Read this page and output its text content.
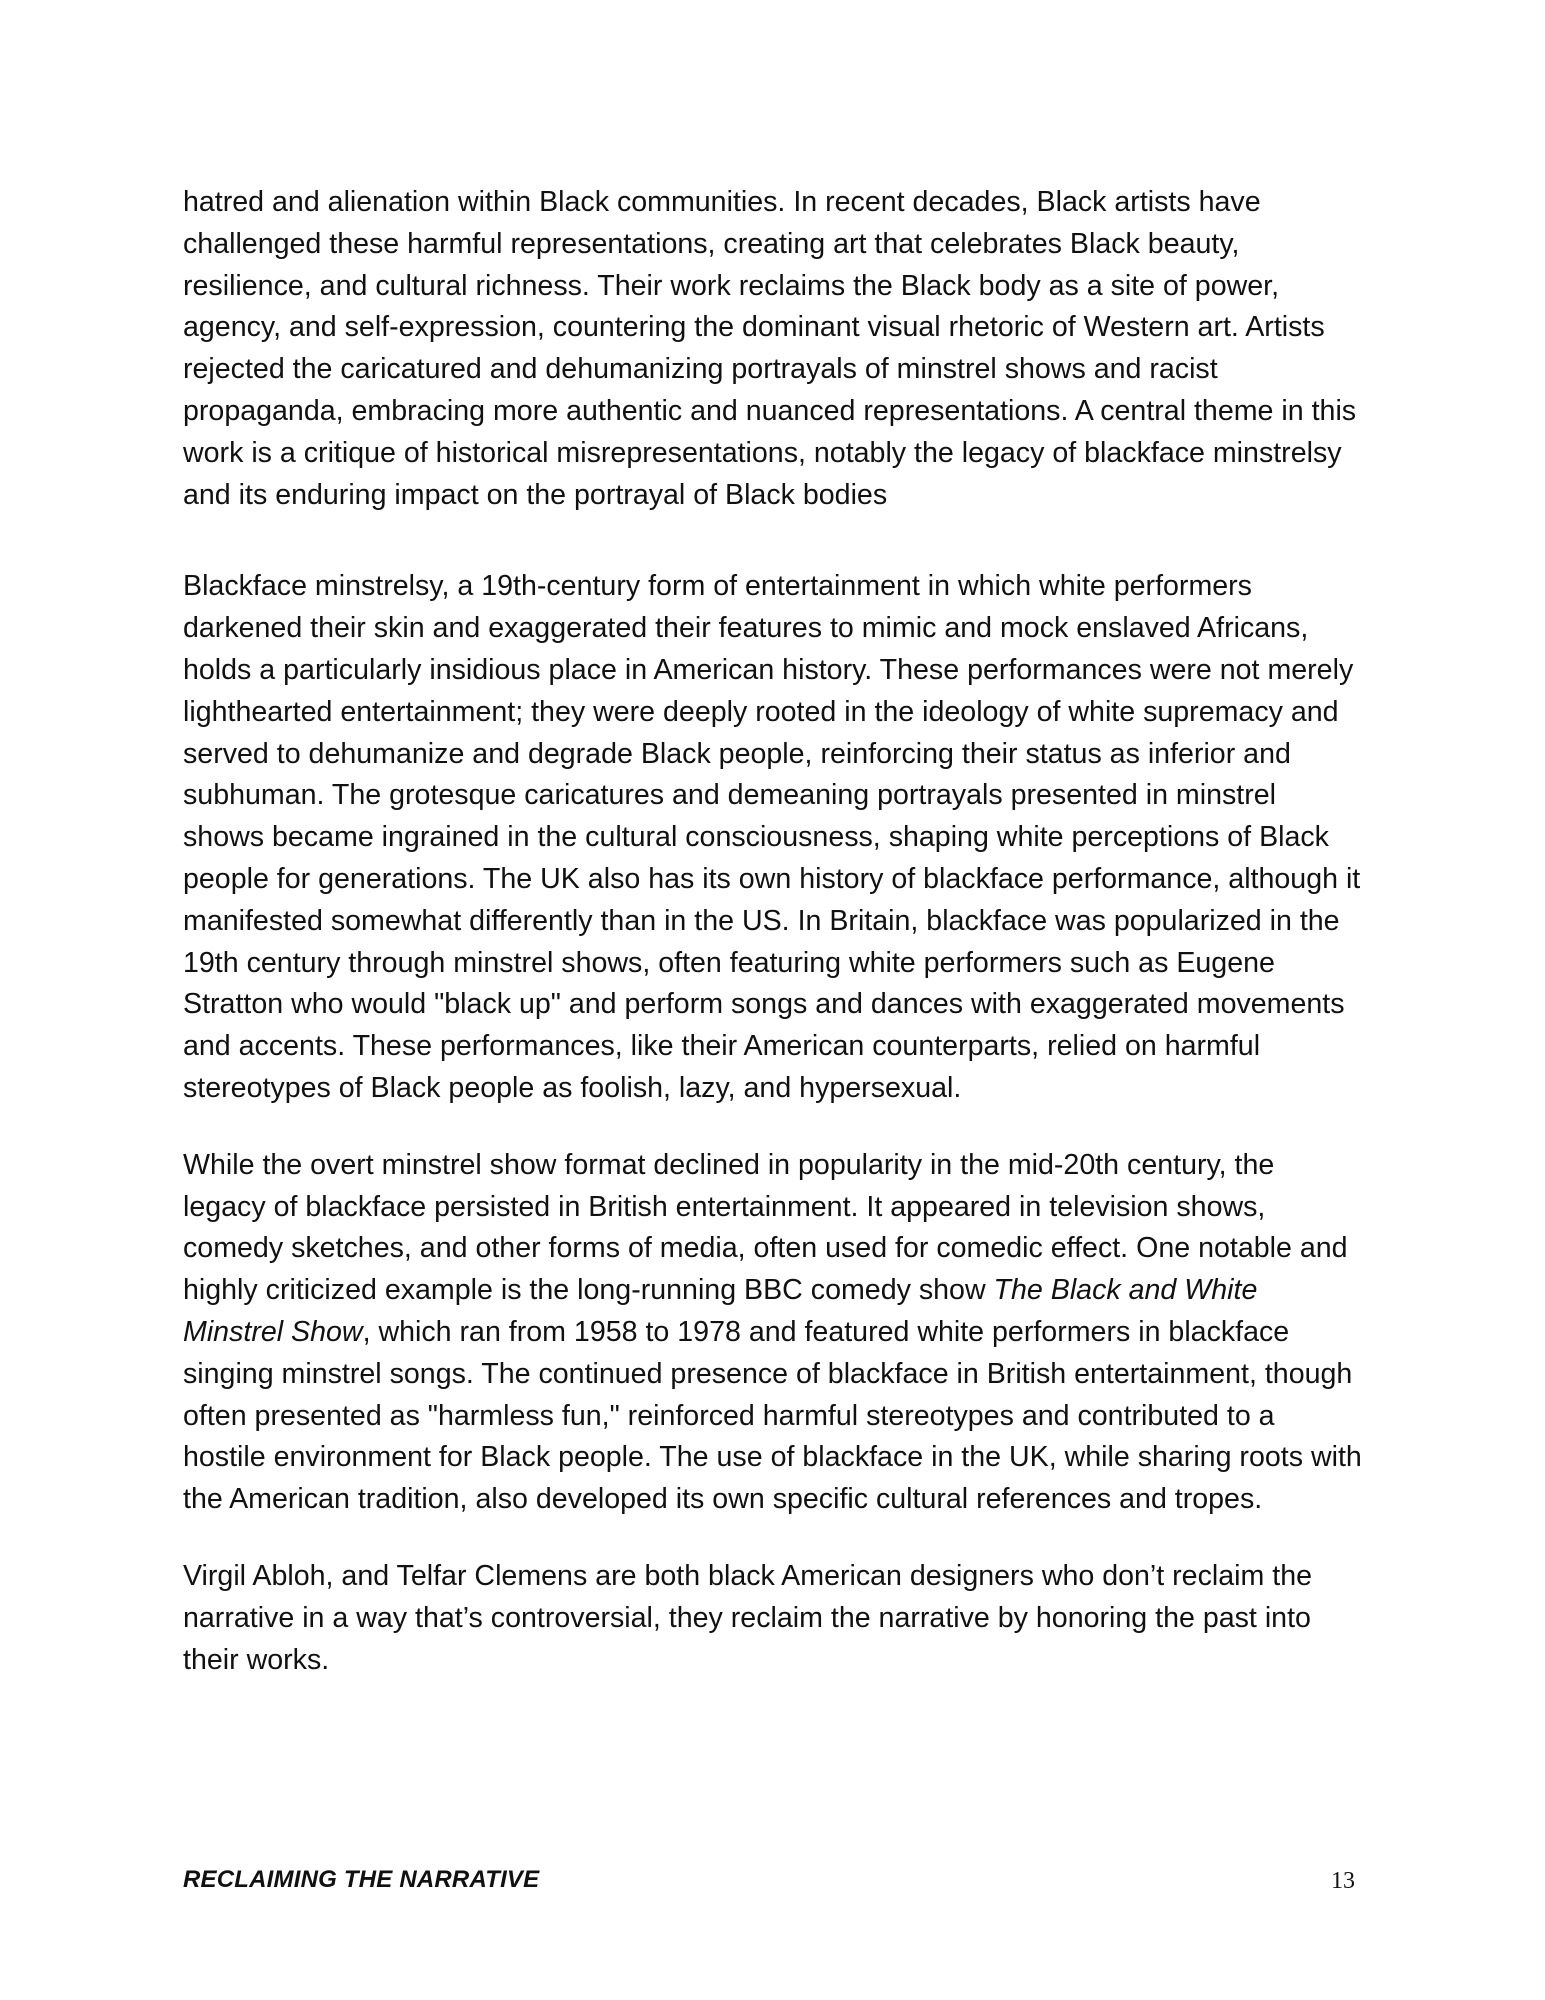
hatred and alienation within Black communities. In recent decades, Black artists have challenged these harmful representations, creating art that celebrates Black beauty, resilience, and cultural richness. Their work reclaims the Black body as a site of power, agency, and self-expression, countering the dominant visual rhetoric of Western art. Artists rejected the caricatured and dehumanizing portrayals of minstrel shows and racist propaganda, embracing more authentic and nuanced representations. A central theme in this work is a critique of historical misrepresentations, notably the legacy of blackface minstrelsy and its enduring impact on the portrayal of Black bodies

Blackface minstrelsy, a 19th-century form of entertainment in which white performers darkened their skin and exaggerated their features to mimic and mock enslaved Africans, holds a particularly insidious place in American history. These performances were not merely lighthearted entertainment; they were deeply rooted in the ideology of white supremacy and served to dehumanize and degrade Black people, reinforcing their status as inferior and subhuman. The grotesque caricatures and demeaning portrayals presented in minstrel shows became ingrained in the cultural consciousness, shaping white perceptions of Black people for generations. The UK also has its own history of blackface performance, although it manifested somewhat differently than in the US. In Britain, blackface was popularized in the 19th century through minstrel shows, often featuring white performers such as Eugene Stratton who would "black up" and perform songs and dances with exaggerated movements and accents. These performances, like their American counterparts, relied on harmful stereotypes of Black people as foolish, lazy, and hypersexual.

While the overt minstrel show format declined in popularity in the mid-20th century, the legacy of blackface persisted in British entertainment. It appeared in television shows, comedy sketches, and other forms of media, often used for comedic effect. One notable and highly criticized example is the long-running BBC comedy show The Black and White Minstrel Show, which ran from 1958 to 1978 and featured white performers in blackface singing minstrel songs. The continued presence of blackface in British entertainment, though often presented as "harmless fun," reinforced harmful stereotypes and contributed to a hostile environment for Black people. The use of blackface in the UK, while sharing roots with the American tradition, also developed its own specific cultural references and tropes.

Virgil Abloh, and Telfar Clemens are both black American designers who don’t reclaim the narrative in a way that’s controversial, they reclaim the narrative by honoring the past into their works.

RECLAIMING THE NARRATIVE	13
